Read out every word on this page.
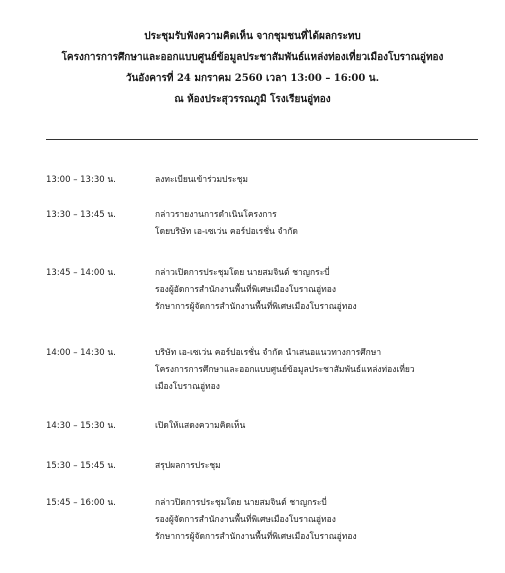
ประชุมรับฟังความคิดเห็น จากชุมชนที่ได้ผลกระทบ
โครงการการศึกษาและออกแบบศูนย์ข้อมูลประชาสัมพันธ์แหล่งท่องเที่ยวเมืองโบราณอู่ทอง
วันอังคารที่ 24 มกราคม 2560 เวลา 13:00 – 16:00 น.
ณ ห้องประสุวรรณภูมิ โรงเรียนอู่ทอง
13:00 – 13:30 น.	ลงทะเบียนเข้าร่วมประชุม
13:30 – 13:45 น.	กล่าวรายงานการดำเนินโครงการ
โดยบริษัท เอ-เซเว่น คอร์ปอเรชั่น จำกัด
13:45 – 14:00 น.	กล่าวเปิดการประชุมโดย นายสมจินต์ ชาญกระบี่
รองผู้อัดการสำนักงานพื้นที่พิเศษเมืองโบราณอู่ทอง
รักษาการผู้จัดการสำนักงานพื้นที่พิเศษเมืองโบราณอู่ทอง
14:00 – 14:30 น.	บริษัท เอ-เซเว่น คอร์ปอเรชั่น จำกัด นำเสนอแนวทางการศึกษา
โครงการการศึกษาและออกแบบศูนย์ข้อมูลประชาสัมพันธ์แหล่งท่องเที่ยว
เมืองโบราณอู่ทอง
14:30 – 15:30 น.	เปิดให้แสดงความคิดเห็น
15:30 – 15:45 น.	สรุปผลการประชุม
15:45 – 16:00 น.	กล่าวปิดการประชุมโดย นายสมจินต์ ชาญกระบี่
รองผู้จัดการสำนักงานพื้นที่พิเศษเมืองโบราณอู่ทอง
รักษาการผู้จัดการสำนักงานพื้นที่พิเศษเมืองโบราณอู่ทอง
